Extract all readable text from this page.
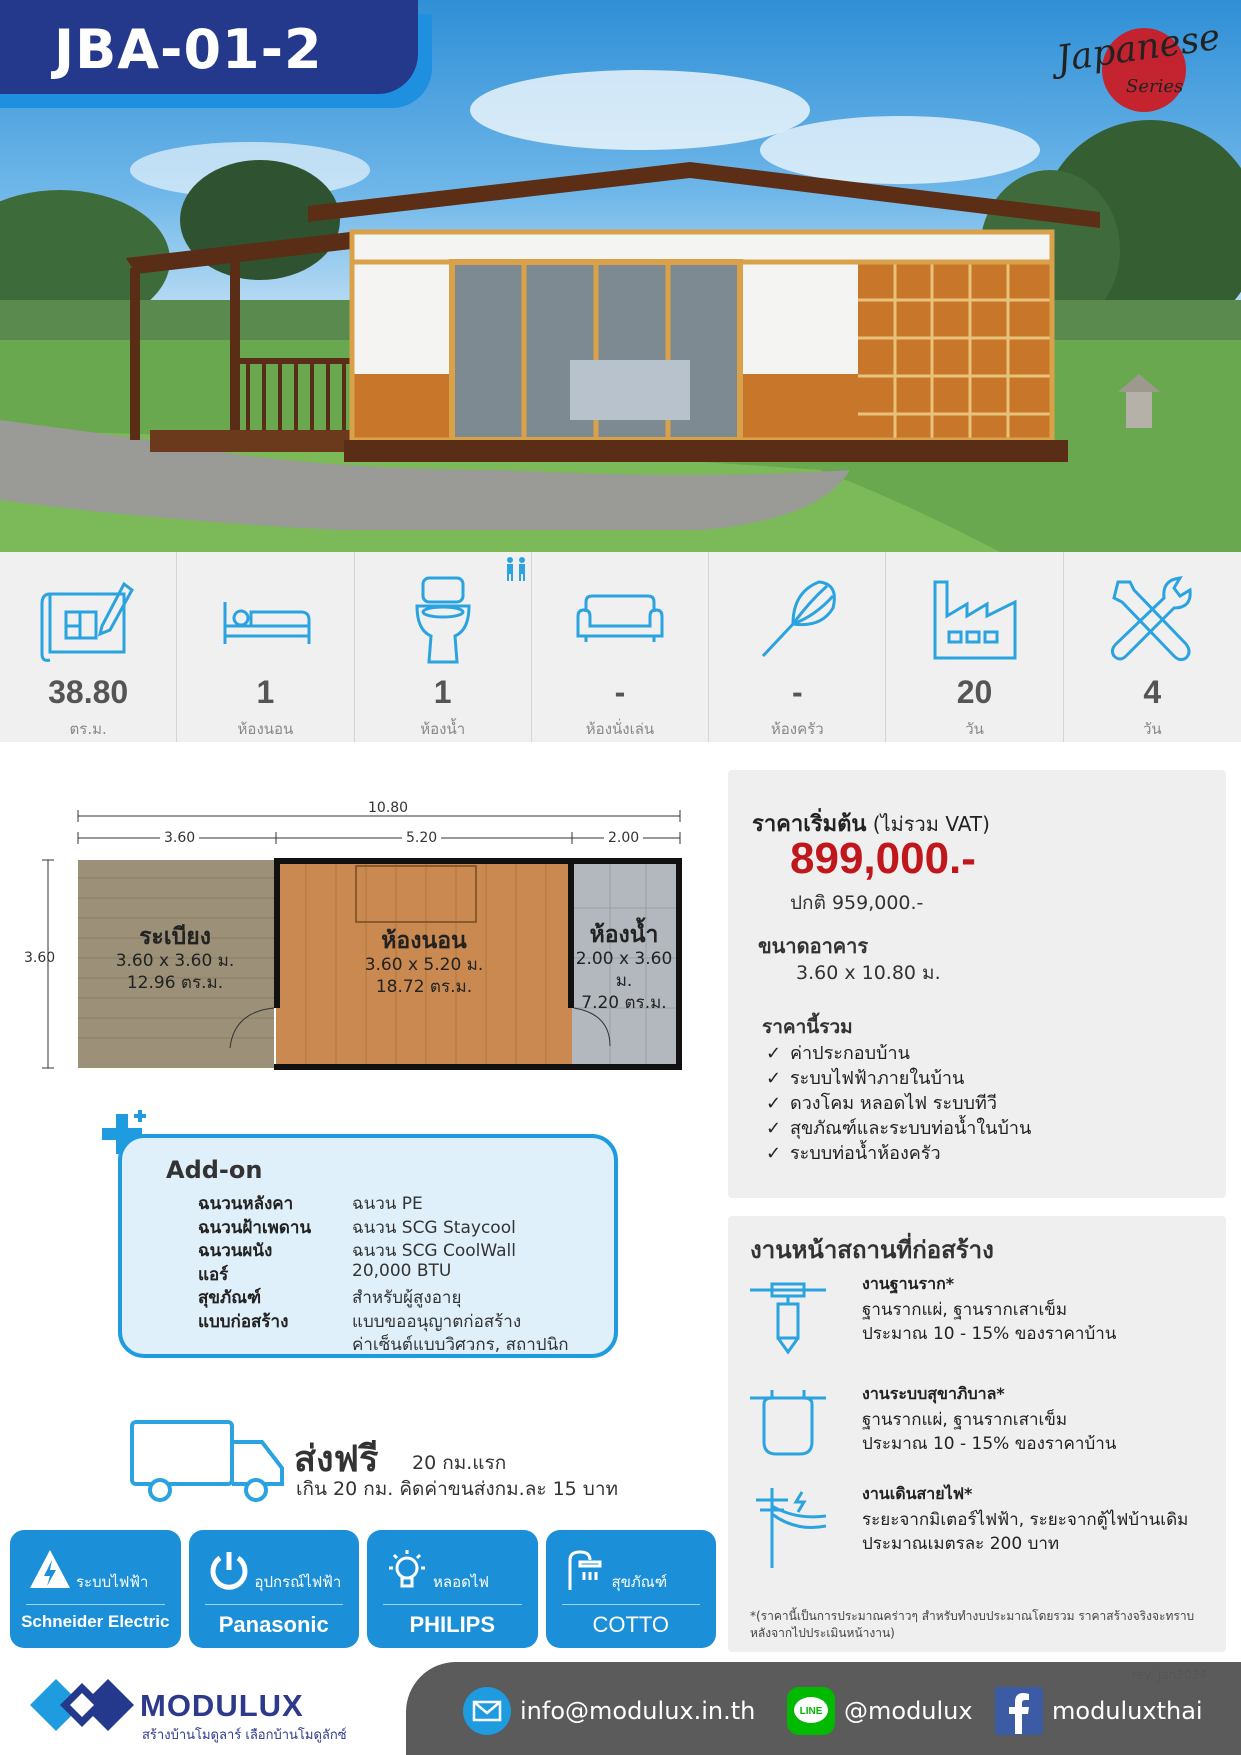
JBA-01-2	Japanese
Series
38.80
ตร.ม.
1
ห้องนอน
1
ห้องน้ำ
-
ห้องนั่งเล่น
-
ห้องครัว
20
วัน
4
วัน
10.80
3.60	5.20	2.00
3.60
ระเบียง
3.60 x 3.60 ม.
12.96 ตร.ม.
ห้องนอน
3.60 x 5.20 ม.
18.72 ตร.ม.
ห้องน้ำ
2.00 x 3.60 ม.
7.20 ตร.ม.
Add-on
ฉนวนหลังคา	ฉนวน PE
ฉนวนฝ้าเพดาน	ฉนวน SCG Staycool
ฉนวนผนัง	ฉนวน SCG CoolWall
แอร์	20,000 BTU
สุขภัณฑ์	สำหรับผู้สูงอายุ
แบบก่อสร้าง	แบบขออนุญาตก่อสร้าง
ค่าเซ็นต์แบบวิศวกร, สถาปนิก
ส่งฟรี 20 กม.แรก
เกิน 20 กม. คิดค่าขนส่งกม.ละ 15 บาท
ระบบไฟฟ้า
Schneider Electric
อุปกรณ์ไฟฟ้า
Panasonic
หลอดไฟ
PHILIPS
สุขภัณฑ์
COTTO
ราคาเริ่มต้น (ไม่รวม VAT)
899,000.-
ปกติ 959,000.-
ขนาดอาคาร
3.60 x 10.80 ม.
ราคานี้รวม
✓ ค่าประกอบบ้าน
✓ ระบบไฟฟ้าภายในบ้าน
✓ ดวงโคม หลอดไฟ ระบบทีวี
✓ สุขภัณฑ์และระบบท่อน้ำในบ้าน
✓ ระบบท่อน้ำห้องครัว
งานหน้าสถานที่ก่อสร้าง
งานฐานราก*
ฐานรากแผ่, ฐานรากเสาเข็ม
ประมาณ 10 - 15% ของราคาบ้าน
งานระบบสุขาภิบาล*
ฐานรากแผ่, ฐานรากเสาเข็ม
ประมาณ 10 - 15% ของราคาบ้าน
งานเดินสายไฟ*
ระยะจากมิเตอร์ไฟฟ้า, ระยะจากตู้ไฟบ้านเดิม
ประมาณเมตรละ 200 บาท
*(ราคานี้เป็นการประมาณคร่าวๆ สำหรับทำงบประมาณโดยรวม ราคาสร้างจริงจะทราบหลังจากไปประเมินหน้างาน)
rev. Jan2024
MODULUX
สร้างบ้านโมดูลาร์ เลือกบ้านโมดูลักซ์
info@modulux.in.th	LINE @modulux	moduluxthai
